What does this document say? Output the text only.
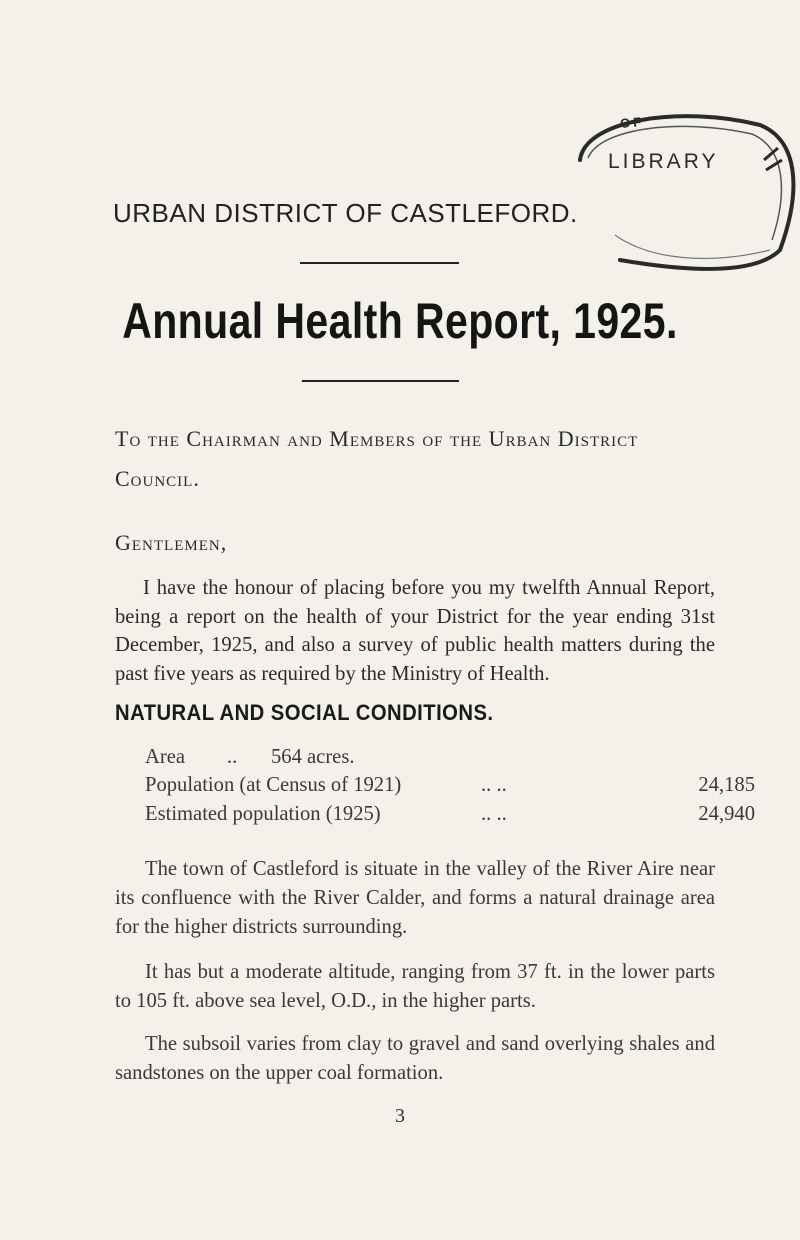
URBAN DISTRICT OF CASTLEFORD.
OF
LIBRARY
Annual Health Report, 1925.
To the Chairman and Members of the Urban District
Council.
Gentlemen,

I have the honour of placing before you my twelfth Annual Report, being a report on the health of your District for the year ending 31st December, 1925, and also a survey of public health matters during the past five years as required by the Ministry of Health.

NATURAL AND SOCIAL CONDITIONS.
Area .. 564 acres.
Population (at Census of 1921)	.. ..	24,185
Estimated population (1925)	.. ..	24,940

The town of Castleford is situate in the valley of the River Aire near its confluence with the River Calder, and forms a natural drainage area for the higher districts surrounding.

It has but a moderate altitude, ranging from 37 ft. in the lower parts to 105 ft. above sea level, O.D., in the higher parts.

The subsoil varies from clay to gravel and sand overlying shales and sandstones on the upper coal formation.

3
